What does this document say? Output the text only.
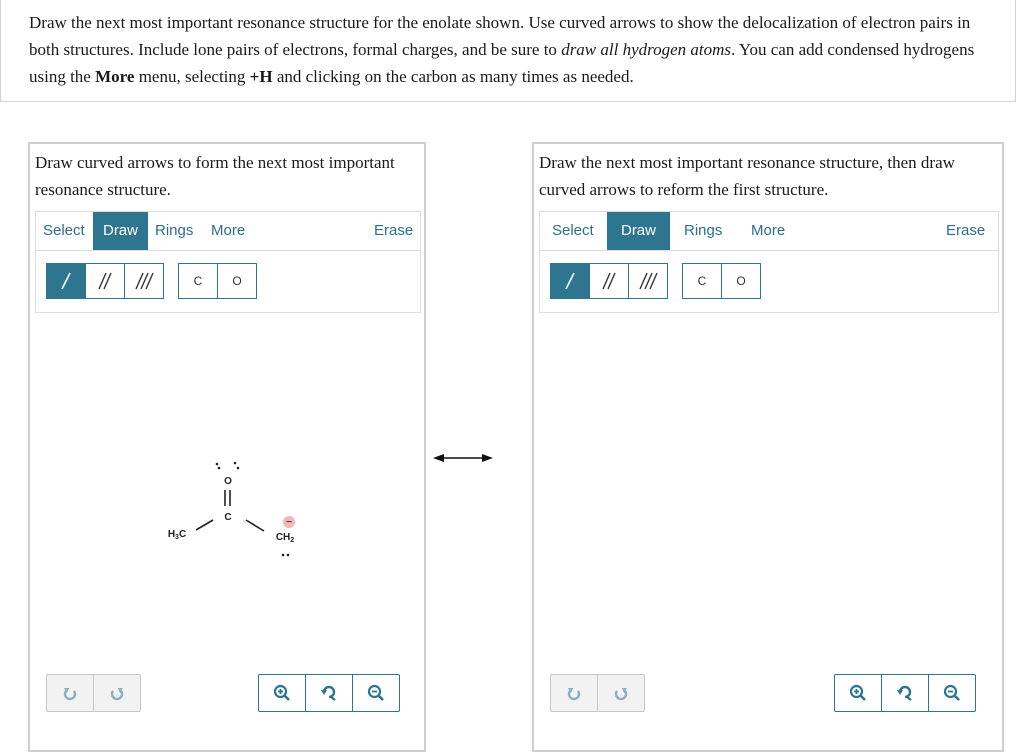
Draw the next most important resonance structure for the enolate shown. Use curved arrows to show the delocalization of electron pairs in both structures. Include lone pairs of electrons, formal charges, and be sure to draw all hydrogen atoms. You can add condensed hydrogens using the More menu, selecting +H and clicking on the carbon as many times as needed.

Draw curved arrows to form the next most important resonance structure.
Select	Draw	Rings More	Erase
C	O
O
C
$H_3C$	$CH_2$
−
Draw the next most important resonance structure, then draw curved arrows to reform the first structure.
Select	Draw	Rings More	Erase
C	O
